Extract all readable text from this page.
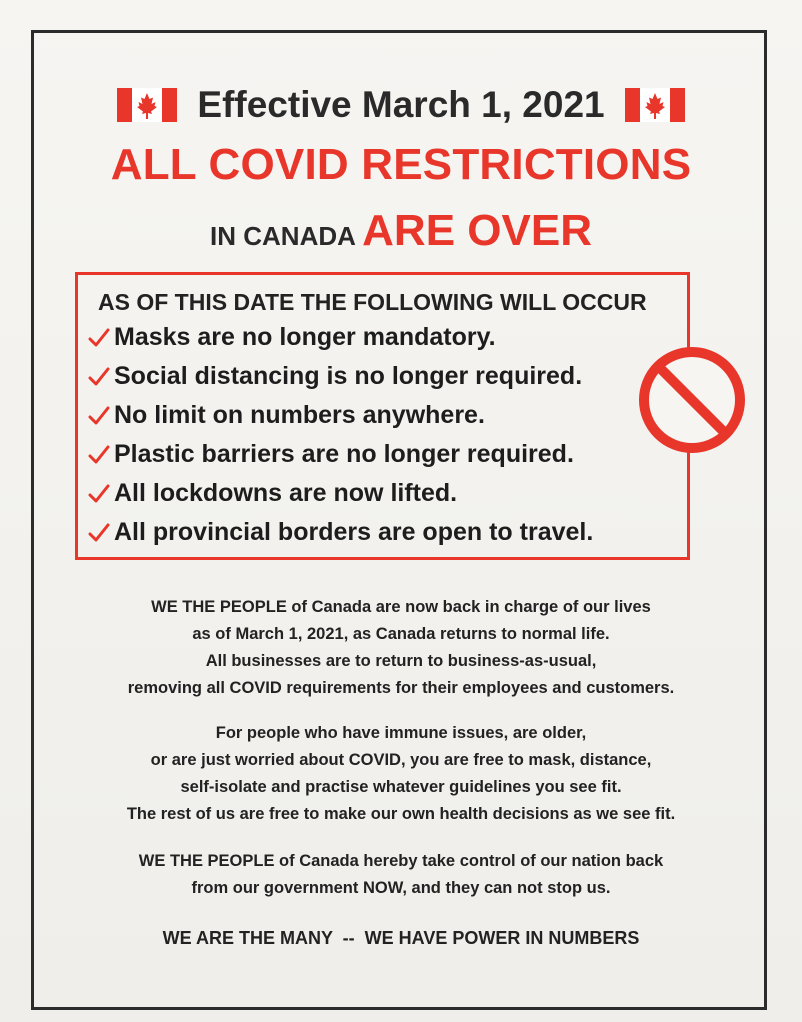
Effective March 1, 2021
ALL COVID RESTRICTIONS
IN CANADA ARE OVER
AS OF THIS DATE THE FOLLOWING WILL OCCUR
Masks are no longer mandatory.
Social distancing is no longer required.
No limit on numbers anywhere.
Plastic barriers are no longer required.
All lockdowns are now lifted.
All provincial borders are open to travel.
WE THE PEOPLE of Canada are now back in charge of our lives
as of March 1, 2021, as Canada returns to normal life.
All businesses are to return to business-as-usual,
removing all COVID requirements for their employees and customers.
For people who have immune issues, are older,
or are just worried about COVID, you are free to mask, distance,
self-isolate and practise whatever guidelines you see fit.
The rest of us are free to make our own health decisions as we see fit.
WE THE PEOPLE of Canada hereby take control of our nation back
from our government NOW, and they can not stop us.
WE ARE THE MANY  --  WE HAVE POWER IN NUMBERS
